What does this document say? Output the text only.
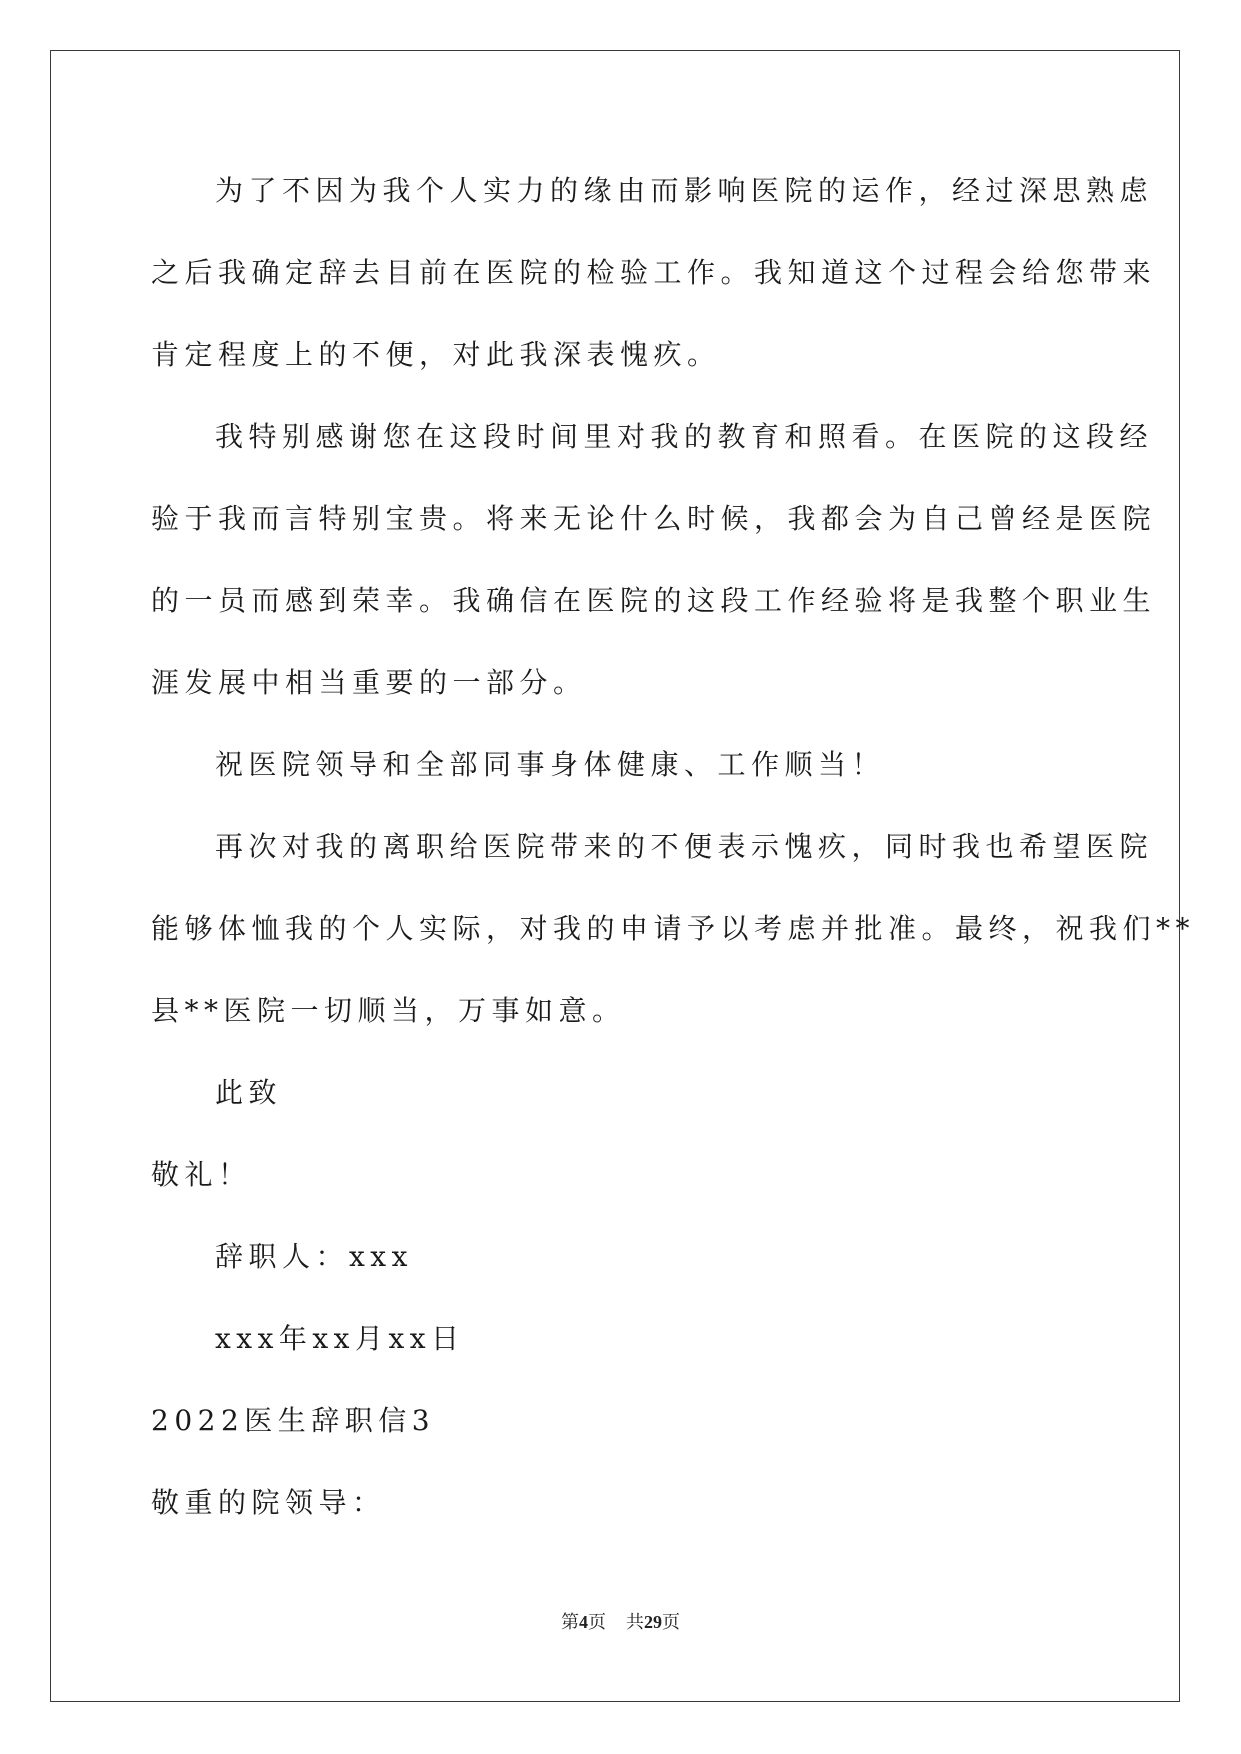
为了不因为我个人实力的缘由而影响医院的运作，经过深思熟虑
之后我确定辞去目前在医院的检验工作。我知道这个过程会给您带来
肯定程度上的不便，对此我深表愧疚。
我特别感谢您在这段时间里对我的教育和照看。在医院的这段经
验于我而言特别宝贵。将来无论什么时候，我都会为自己曾经是医院
的一员而感到荣幸。我确信在医院的这段工作经验将是我整个职业生
涯发展中相当重要的一部分。
祝医院领导和全部同事身体健康、工作顺当！
再次对我的离职给医院带来的不便表示愧疚，同时我也希望医院
能够体恤我的个人实际，对我的申请予以考虑并批准。最终，祝我们**
县**医院一切顺当，万事如意。
此致
敬礼！
辞职人：xxx
xxx年xx月xx日
2022医生辞职信3
敬重的院领导：
第4页 共29页
